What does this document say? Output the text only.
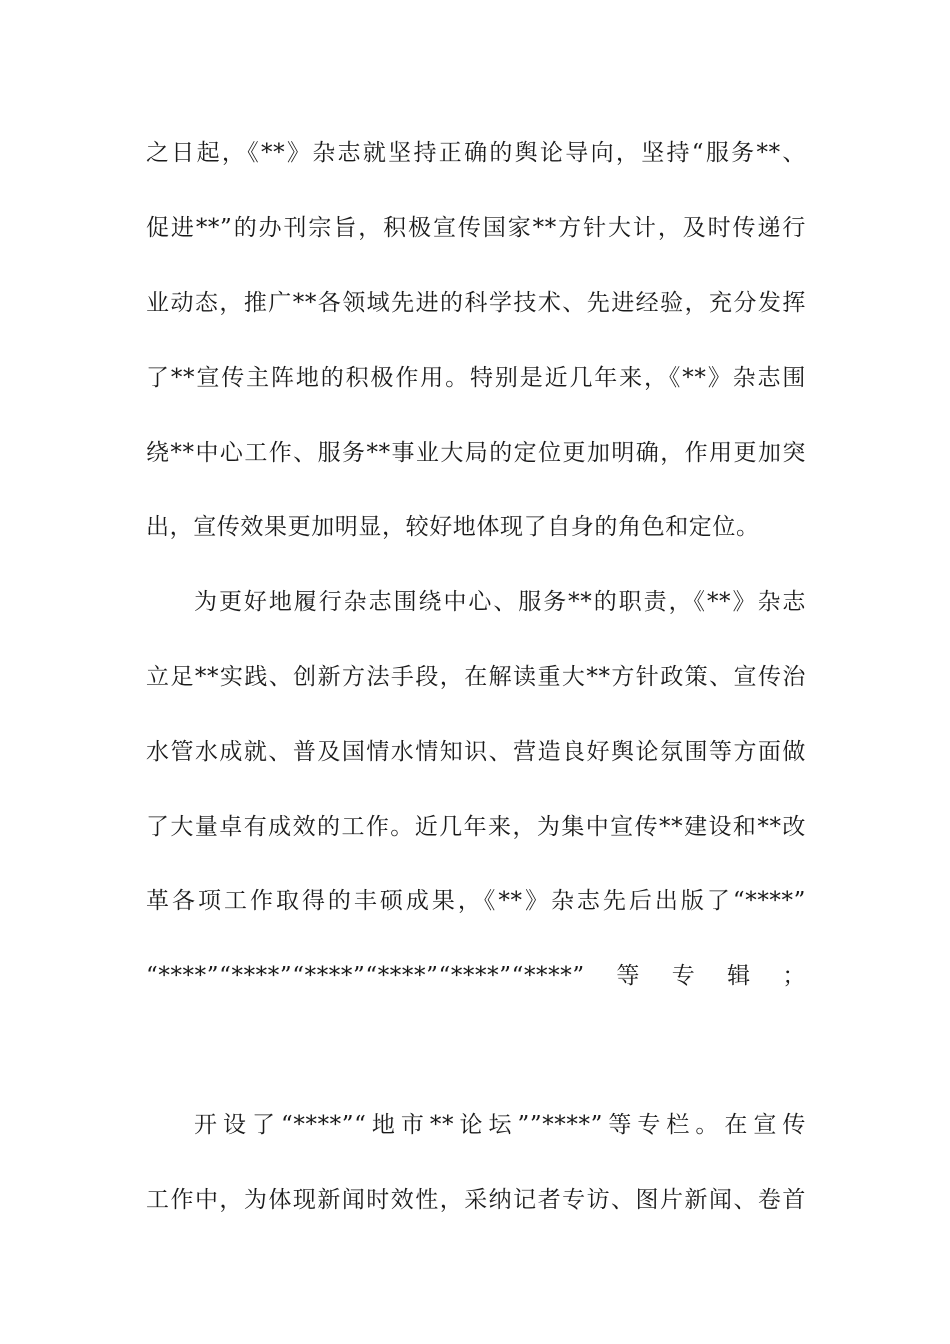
之日起，《**》杂志就坚持正确的舆论导向，坚持“服务**、
促进**”的办刊宗旨，积极宣传国家**方针大计，及时传递行
业动态，推广**各领域先进的科学技术、先进经验，充分发挥
了**宣传主阵地的积极作用。特别是近几年来，《**》杂志围
绕**中心工作、服务**事业大局的定位更加明确，作用更加突
出，宣传效果更加明显，较好地体现了自身的角色和定位。
为更好地履行杂志围绕中心、服务**的职责，《**》杂志
立足**实践、创新方法手段，在解读重大**方针政策、宣传治
水管水成就、普及国情水情知识、营造良好舆论氛围等方面做
了大量卓有成效的工作。近几年来，为集中宣传**建设和**改
革各项工作取得的丰硕成果，《**》杂志先后出版了“****”
“****”“****”“****”“****”“****”“****”等专辑；
开设了“****”“地市**论坛””****”等专栏。在宣传
工作中，为体现新闻时效性，采纳记者专访、图片新闻、卷首
